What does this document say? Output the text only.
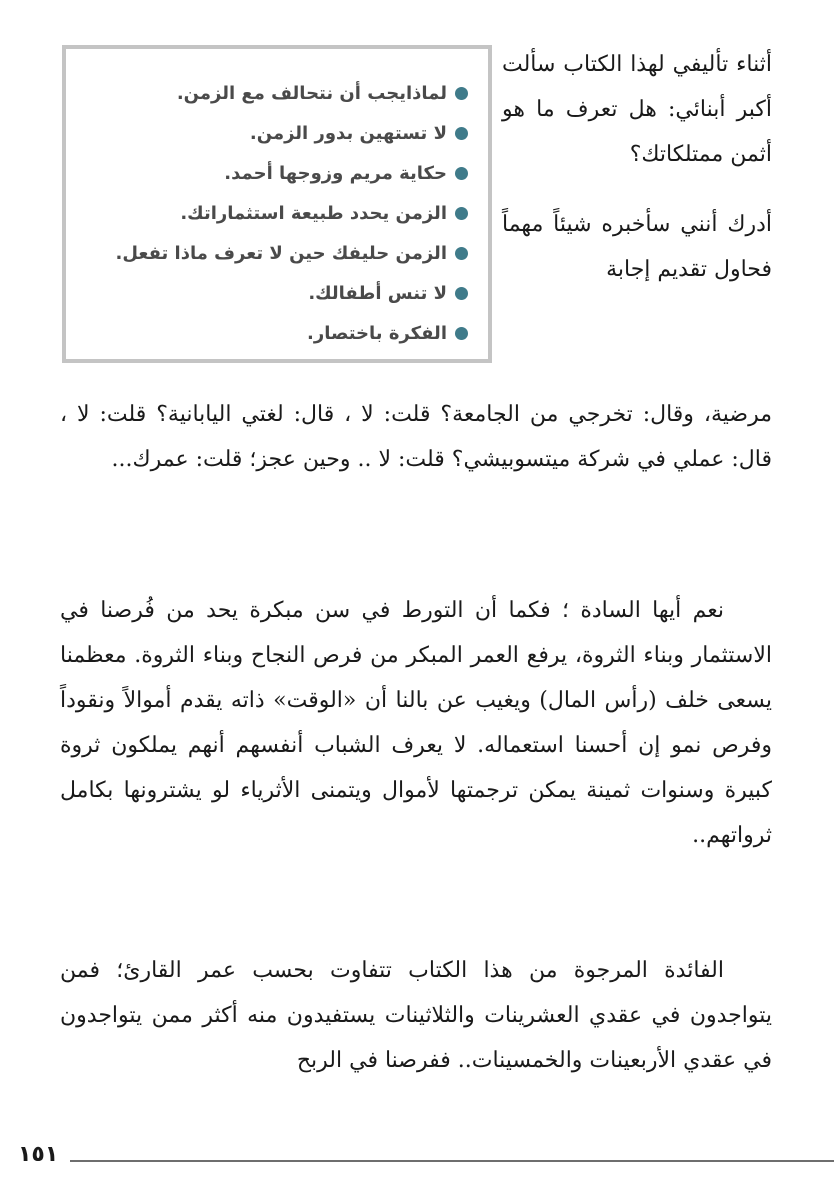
لماذايجب أن نتحالف مع الزمن.
لا تستهين بدور الزمن.
حكاية مريم وزوجها أحمد.
الزمن يحدد طبيعة استثماراتك.
الزمن حليفك حين لا تعرف ماذا تفعل.
لا تنس أطفالك.
الفكرة باختصار.

أثناء تأليفي لهذا الكتاب سألت أكبر أبنائي: هل تعرف ما هو أثمن ممتلكاتك؟

أدرك أنني سأخبره شيئاً مهماً فحاول تقديم إجابة

مرضية، وقال: تخرجي من الجامعة؟ قلت: لا ، قال: لغتي اليابانية؟ قلت: لا ، قال: عملي في شركة ميتسوبيشي؟ قلت: لا .. وحين عجز؛ قلت: عمرك...

نعم أيها السادة ؛ فكما أن التورط في سن مبكرة يحد من فُرصنا في الاستثمار وبناء الثروة، يرفع العمر المبكر من فرص النجاح وبناء الثروة. معظمنا يسعى خلف (رأس المال) ويغيب عن بالنا أن «الوقت» ذاته يقدم أموالاً ونقوداً وفرص نمو إن أحسنا استعماله. لا يعرف الشباب أنفسهم أنهم يملكون ثروة كبيرة وسنوات ثمينة يمكن ترجمتها لأموال ويتمنى الأثرياء لو يشترونها بكامل ثرواتهم..

الفائدة المرجوة من هذا الكتاب تتفاوت بحسب عمر القارئ؛ فمن يتواجدون في عقدي العشرينات والثلاثينات يستفيدون منه أكثر ممن يتواجدون في عقدي الأربعينات والخمسينات.. ففرصنا في الربح

١٥١
